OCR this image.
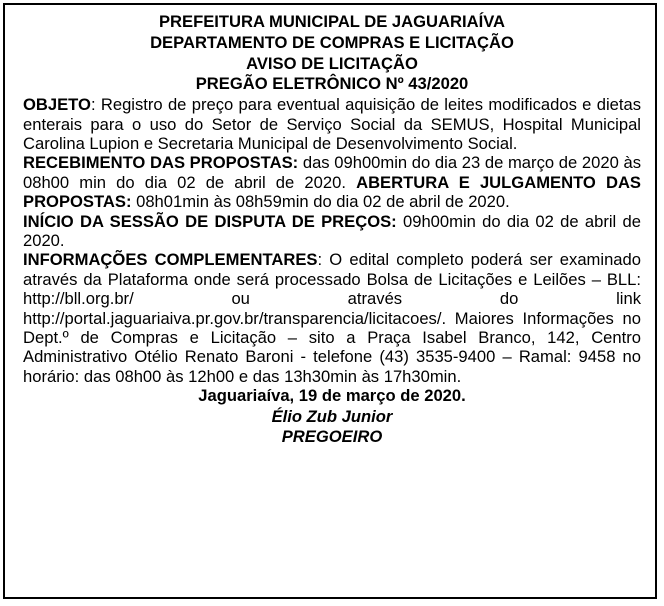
PREFEITURA MUNICIPAL DE JAGUARIAÍVA
DEPARTAMENTO DE COMPRAS E LICITAÇÃO
AVISO DE LICITAÇÃO
PREGÃO ELETRÔNICO Nº 43/2020
OBJETO: Registro de preço para eventual aquisição de leites modificados e dietas enterais para o uso do Setor de Serviço Social da SEMUS, Hospital Municipal Carolina Lupion e Secretaria Municipal de Desenvolvimento Social.
RECEBIMENTO DAS PROPOSTAS: das 09h00min do dia 23 de março de 2020 às 08h00 min do dia 02 de abril de 2020. ABERTURA E JULGAMENTO DAS PROPOSTAS: 08h01min às 08h59min do dia 02 de abril de 2020.
INÍCIO DA SESSÃO DE DISPUTA DE PREÇOS: 09h00min do dia 02 de abril de 2020.
INFORMAÇÕES COMPLEMENTARES: O edital completo poderá ser examinado através da Plataforma onde será processado Bolsa de Licitações e Leilões – BLL: http://bll.org.br/ ou através do link http://portal.jaguariaiva.pr.gov.br/transparencia/licitacoes/. Maiores Informações no Dept.º de Compras e Licitação – sito a Praça Isabel Branco, 142, Centro Administrativo Otélio Renato Baroni - telefone (43) 3535-9400 – Ramal: 9458 no horário: das 08h00 às 12h00 e das 13h30min às 17h30min.
Jaguariaíva, 19 de março de 2020.
Élio Zub Junior
PREGOEIRO
